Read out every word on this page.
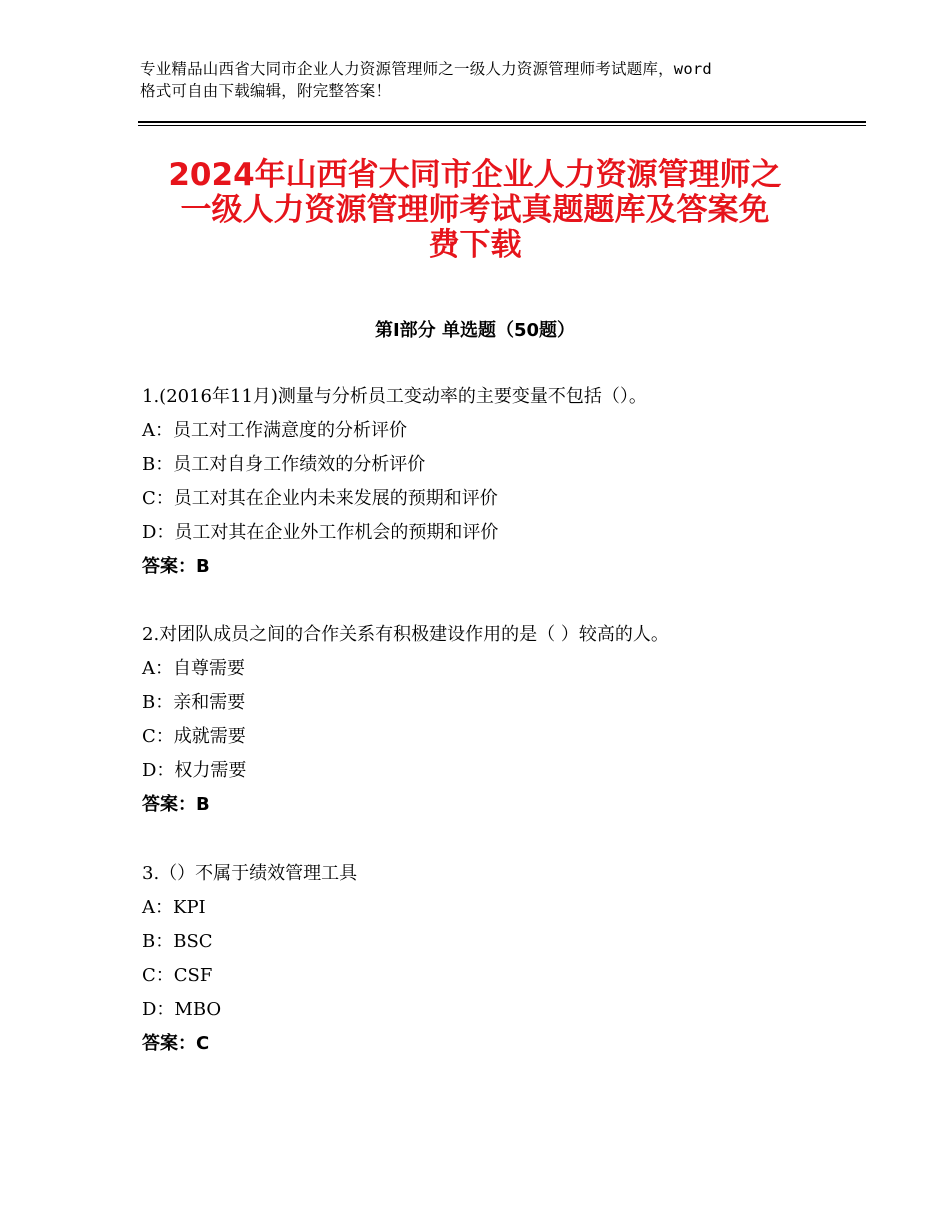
专业精品山西省大同市企业人力资源管理师之一级人力资源管理师考试题库，word
格式可自由下载编辑，附完整答案！
2024年山西省大同市企业人力资源管理师之
一级人力资源管理师考试真题题库及答案免
费下载
第Ⅰ部分 单选题（50题）
1.(2016年11月)测量与分析员工变动率的主要变量不包括（）。
A：员工对工作满意度的分析评价
B：员工对自身工作绩效的分析评价
C：员工对其在企业内未来发展的预期和评价
D：员工对其在企业外工作机会的预期和评价
答案：B
2.对团队成员之间的合作关系有积极建设作用的是（ ）较高的人。
A：自尊需要
B：亲和需要
C：成就需要
D：权力需要
答案：B
3.（）不属于绩效管理工具
A：KPI
B：BSC
C：CSF
D：MBO
答案：C
